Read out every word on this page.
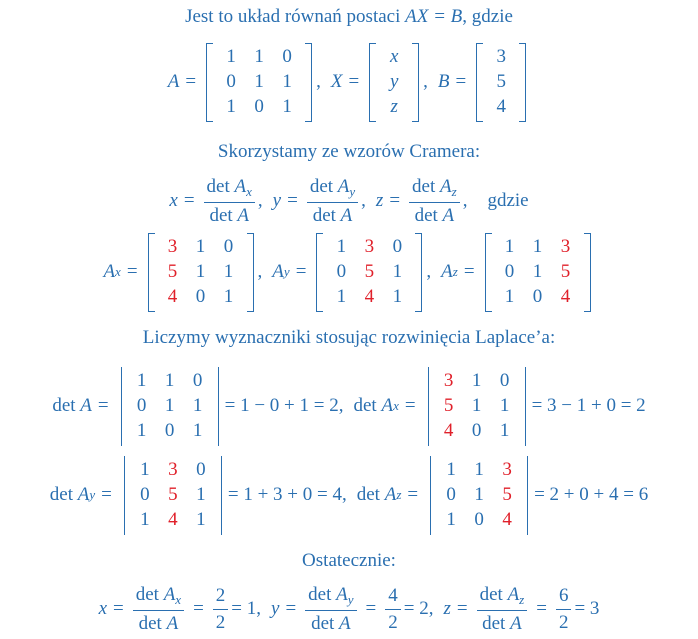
Jest to układ równań postaci
AX = B , gdzie
A =
1 1 0
0 1 1
1 0 1
, X =
x
y
z
, B =
3
5
4
Skorzystamy ze wzorów Cramera:
$x = \frac{\det A_x}{\text{det A}}$ , $y = \frac{\det A_y}{\text{det A}}$ , $z = \frac{\det A_z}{\text{det A}}$ , gdzie
A x =
3 1 0
5 1 1
4 0 1
, A y =
1 3 0
0 5 1
1 4 1
, A z =
1 1 3
0 1 5
1 0 4
Liczymy wyznaczniki stosując rozwinięcia Laplace’a:
det
A =
1 1 0
0 1 1
1 0 1
= 1 − 0 + 1 = 2, det
A x =
3 1 0
5 1 1
4 0 1
= 3 − 1 + 0 = 2
det
A y =
1 3 0
0 5 1
1 4 1
= 1 + 3 + 0 = 4, det
A z =
1 1 3
0 1 5
1 0 4
= 2 + 0 + 4 = 6
Ostatecznie:
$x = \frac{\det A_x}{\text{det A}} = \frac{2}{2} = 1$, $y = \frac{\det A_y}{\text{det A}} = \frac{4}{2} = 2$, $z = \frac{\det A_z}{\text{det A}} = \frac{6}{2} = 3$
